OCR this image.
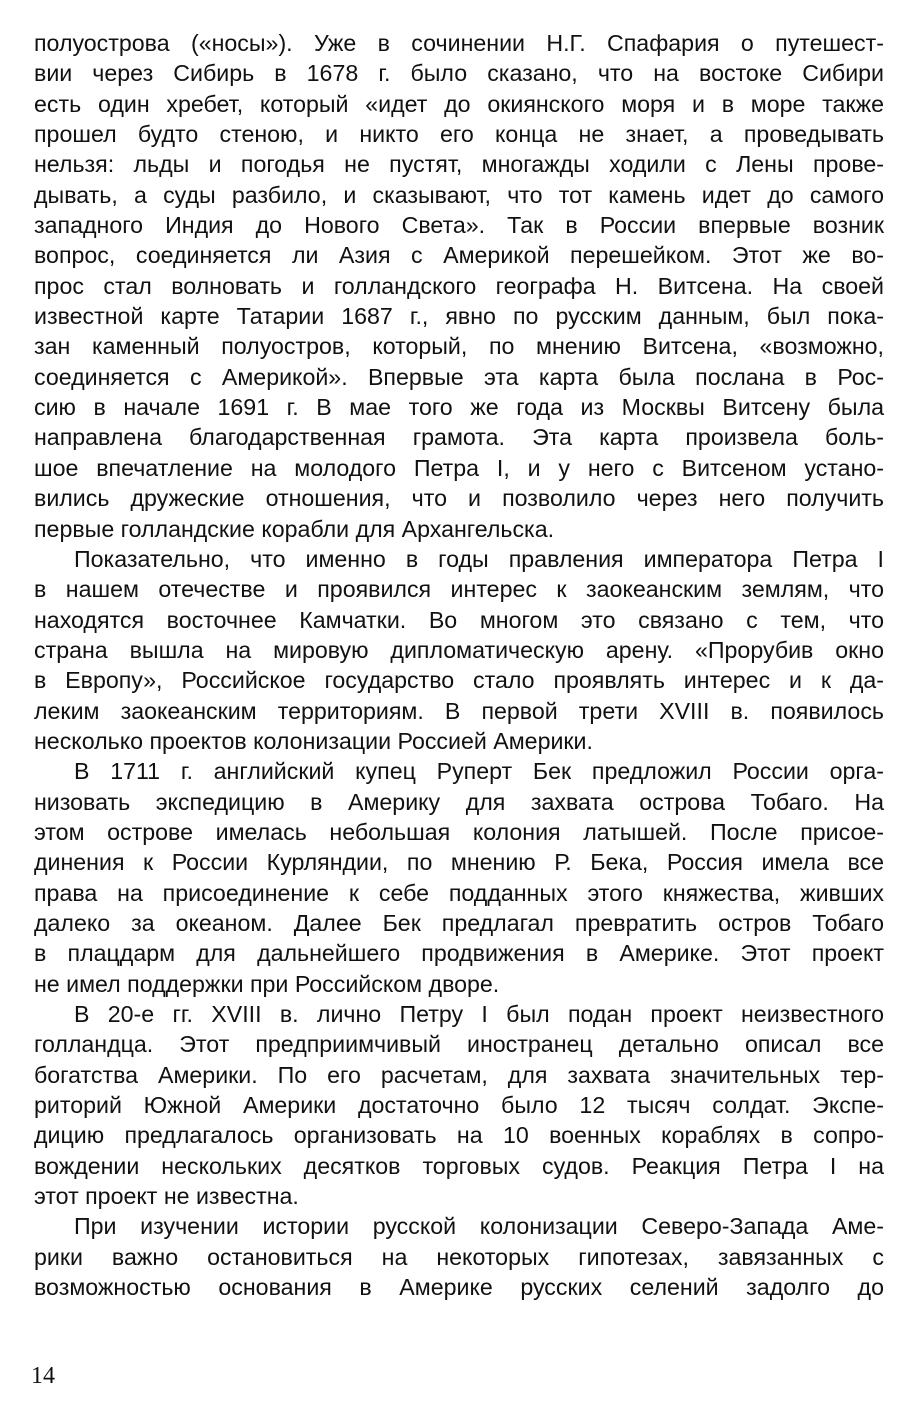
полуострова («носы»). Уже в сочинении Н.Г. Спафария о путешест-
вии через Сибирь в 1678 г. было сказано, что на востоке Сибири
есть один хребет, который «идет до окиянского моря и в море также
прошел будто стеною, и никто его конца не знает, а проведывать
нельзя: льды и погодья не пустят, многажды ходили с Лены прове-
дывать, а суды разбило, и сказывают, что тот камень идет до самого
западного Индия до Нового Света». Так в России впервые возник
вопрос, соединяется ли Азия с Америкой перешейком. Этот же во-
прос стал волновать и голландского географа Н. Витсена. На своей
известной карте Татарии 1687 г., явно по русским данным, был пока-
зан каменный полуостров, который, по мнению Витсена, «возможно,
соединяется с Америкой». Впервые эта карта была послана в Рос-
сию в начале 1691 г. В мае того же года из Москвы Витсену была
направлена благодарственная грамота. Эта карта произвела боль-
шое впечатление на молодого Петра I, и у него с Витсеном устано-
вились дружеские отношения, что и позволило через него получить
первые голландские корабли для Архангельска.
Показательно, что именно в годы правления императора Петра I
в нашем отечестве и проявился интерес к заокеанским землям, что
находятся восточнее Камчатки. Во многом это связано с тем, что
страна вышла на мировую дипломатическую арену. «Прорубив окно
в Европу», Российское государство стало проявлять интерес и к да-
леким заокеанским территориям. В первой трети XVIII в. появилось
несколько проектов колонизации Россией Америки.
В 1711 г. английский купец Руперт Бек предложил России орга-
низовать экспедицию в Америку для захвата острова Тобаго. На
этом острове имелась небольшая колония латышей. После присое-
динения к России Курляндии, по мнению Р. Бека, Россия имела все
права на присоединение к себе подданных этого княжества, живших
далеко за океаном. Далее Бек предлагал превратить остров Тобаго
в плацдарм для дальнейшего продвижения в Америке. Этот проект
не имел поддержки при Российском дворе.
В 20-е гг. XVIII в. лично Петру I был подан проект неизвестного
голландца. Этот предприимчивый иностранец детально описал все
богатства Америки. По его расчетам, для захвата значительных тер-
риторий Южной Америки достаточно было 12 тысяч солдат. Экспе-
дицию предлагалось организовать на 10 военных кораблях в сопро-
вождении нескольких десятков торговых судов. Реакция Петра I на
этот проект не известна.
При изучении истории русской колонизации Северо-Запада Аме-
рики важно остановиться на некоторых гипотезах, завязанных с
возможностью основания в Америке русских селений задолго до
14
